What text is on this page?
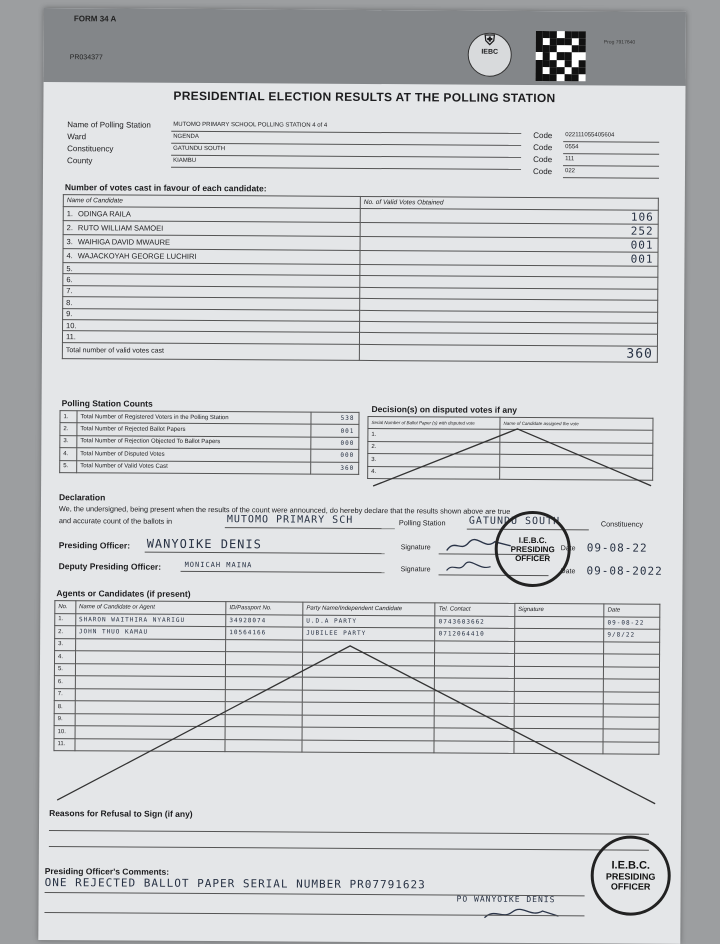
FORM 34 A
PR034377
⛨
IEBC
Prog 7917640
PRESIDENTIAL ELECTION RESULTS AT THE POLLING STATION
Name of Polling Station	MUTOMO PRIMARY SCHOOL POLLING STATION 4 of 4
Ward	NGENDA
Constituency	GATUNDU SOUTH
County	KIAMBU
Code 022111055405604
Code 0554
Code 111
Code 022
Number of votes cast in favour of each candidate:
Name of Candidate	No. of Valid Votes Obtained
1. ODINGA RAILA	106
2. RUTO WILLIAM SAMOEI	252
3. WAIHIGA DAVID MWAURE	001
4. WAJACKOYAH GEORGE LUCHIRI	001
5.	
6.	
7.	
8.	
9.	
10.	
11.	
Total number of valid votes cast	360
Polling Station Counts
1.	Total Number of Registered Voters in the Polling Station	538
2.	Total Number of Rejected Ballot Papers	001
3.	Total Number of Rejection Objected To Ballot Papers	000
4.	Total Number of Disputed Votes	000
5.	Total Number of Valid Votes Cast	360
Decision(s) on disputed votes if any
Serial Number of Ballot Paper (s) with disputed vote	Name of Candidate assigned the vote
1.	
2.	
3.	
4.	
Declaration
We, the undersigned, being present when the results of the count were announced, do hereby declare that the results shown above are true
and accurate count of the ballots in	MUTOMO PRIMARY SCH	Polling Station GATUNDU SOUTH	Constituency
Presiding Officer: WANYOIKE DENIS	Signature	Date 09-08-22
Deputy Presiding Officer:	MONICAH MAINA
Signature	Date 09-08-2022
I.E.B.C.
PRESIDING
OFFICER
Agents or Candidates (if present)
No.	Name of Candidate or Agent	ID/Passport No.	Party Name/Independent Candidate	Tel. Contact	Signature	Date
1.	SHARON WAITHIRA NYARIGU	34928074	U.D.A PARTY	0743603662		09-08-22
2.	JOHN THUO KAMAU	10564166	JUBILEE PARTY	0712064410		9/8/22
3.						
4.						
5.						
6.						
7.						
8.						
9.						
10.						
11.						
Reasons for Refusal to Sign (if any)
Presiding Officer's Comments:
ONE REJECTED BALLOT PAPER SERIAL NUMBER PR07791623
PO WANYOIKE DENIS
I.E.B.C.
PRESIDING
OFFICER
